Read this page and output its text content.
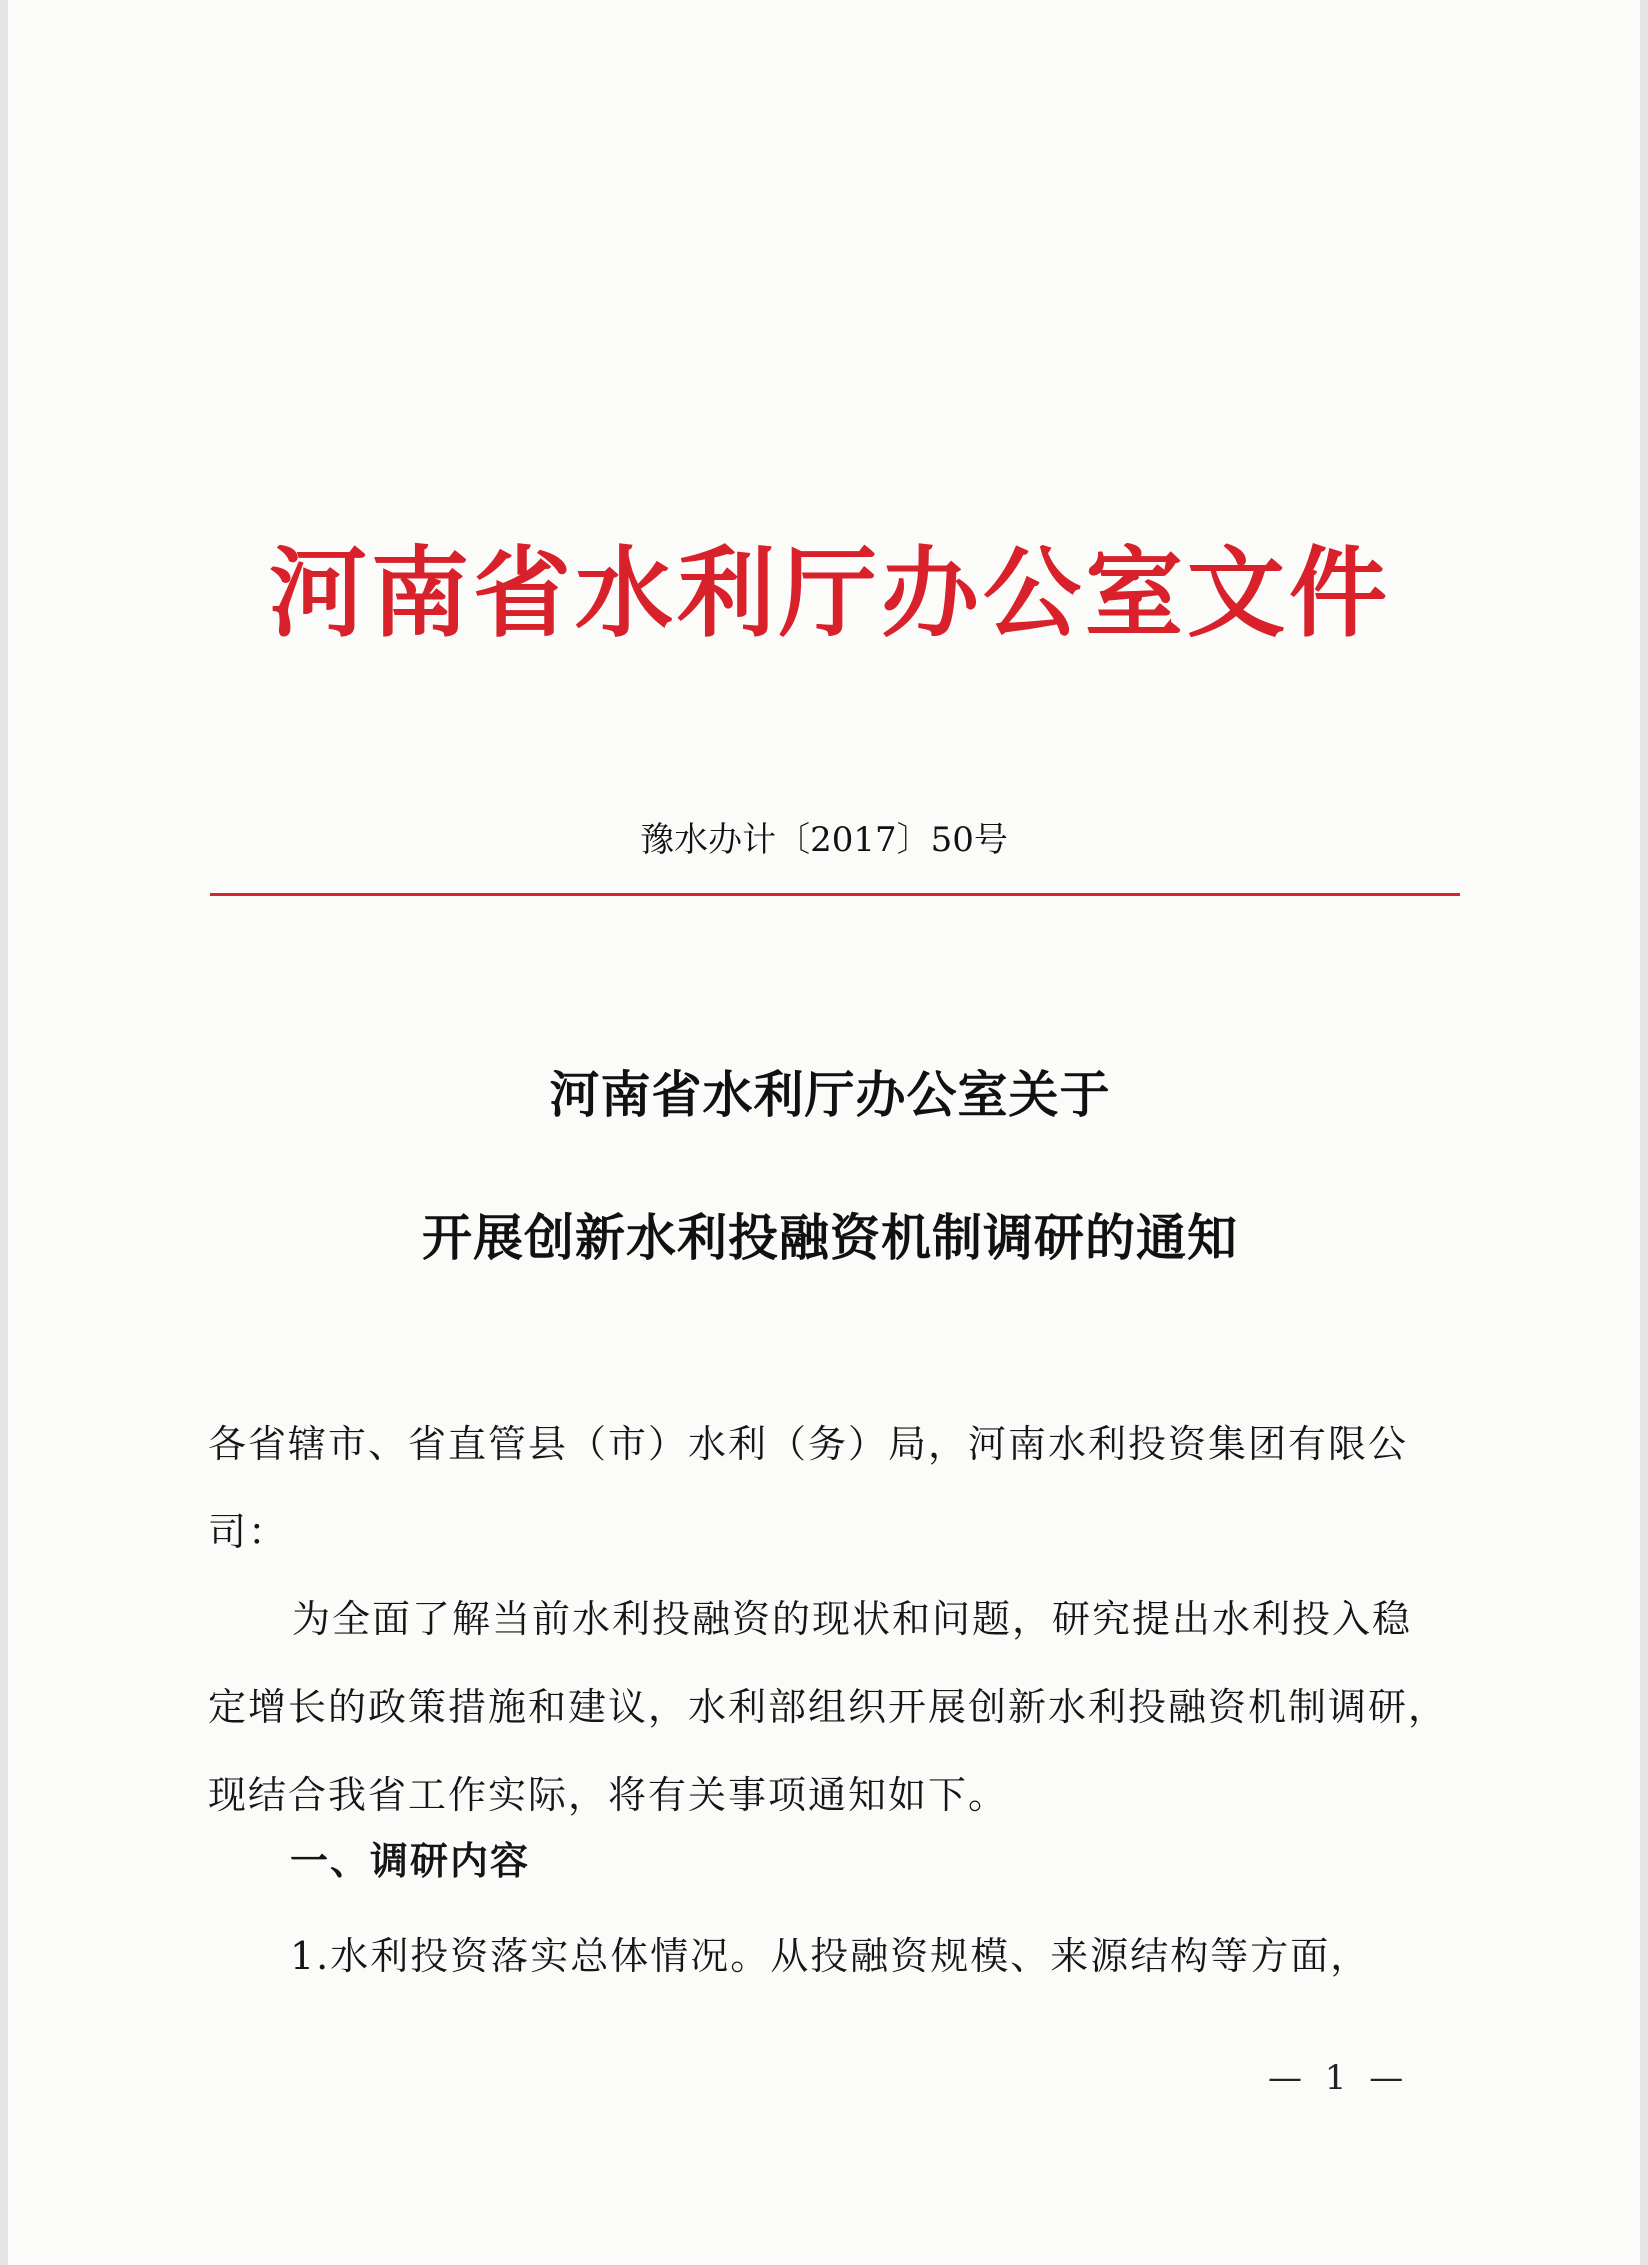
河南省水利厅办公室文件
豫水办计〔2017〕50号
河南省水利厅办公室关于
开展创新水利投融资机制调研的通知
各省辖市、省直管县（市）水利（务）局，河南水利投资集团有限公司：
为全面了解当前水利投融资的现状和问题，研究提出水利投入稳定增长的政策措施和建议，水利部组织开展创新水利投融资机制调研，现结合我省工作实际，将有关事项通知如下。
一、调研内容
1.水利投资落实总体情况。从投融资规模、来源结构等方面，
— 1 —
